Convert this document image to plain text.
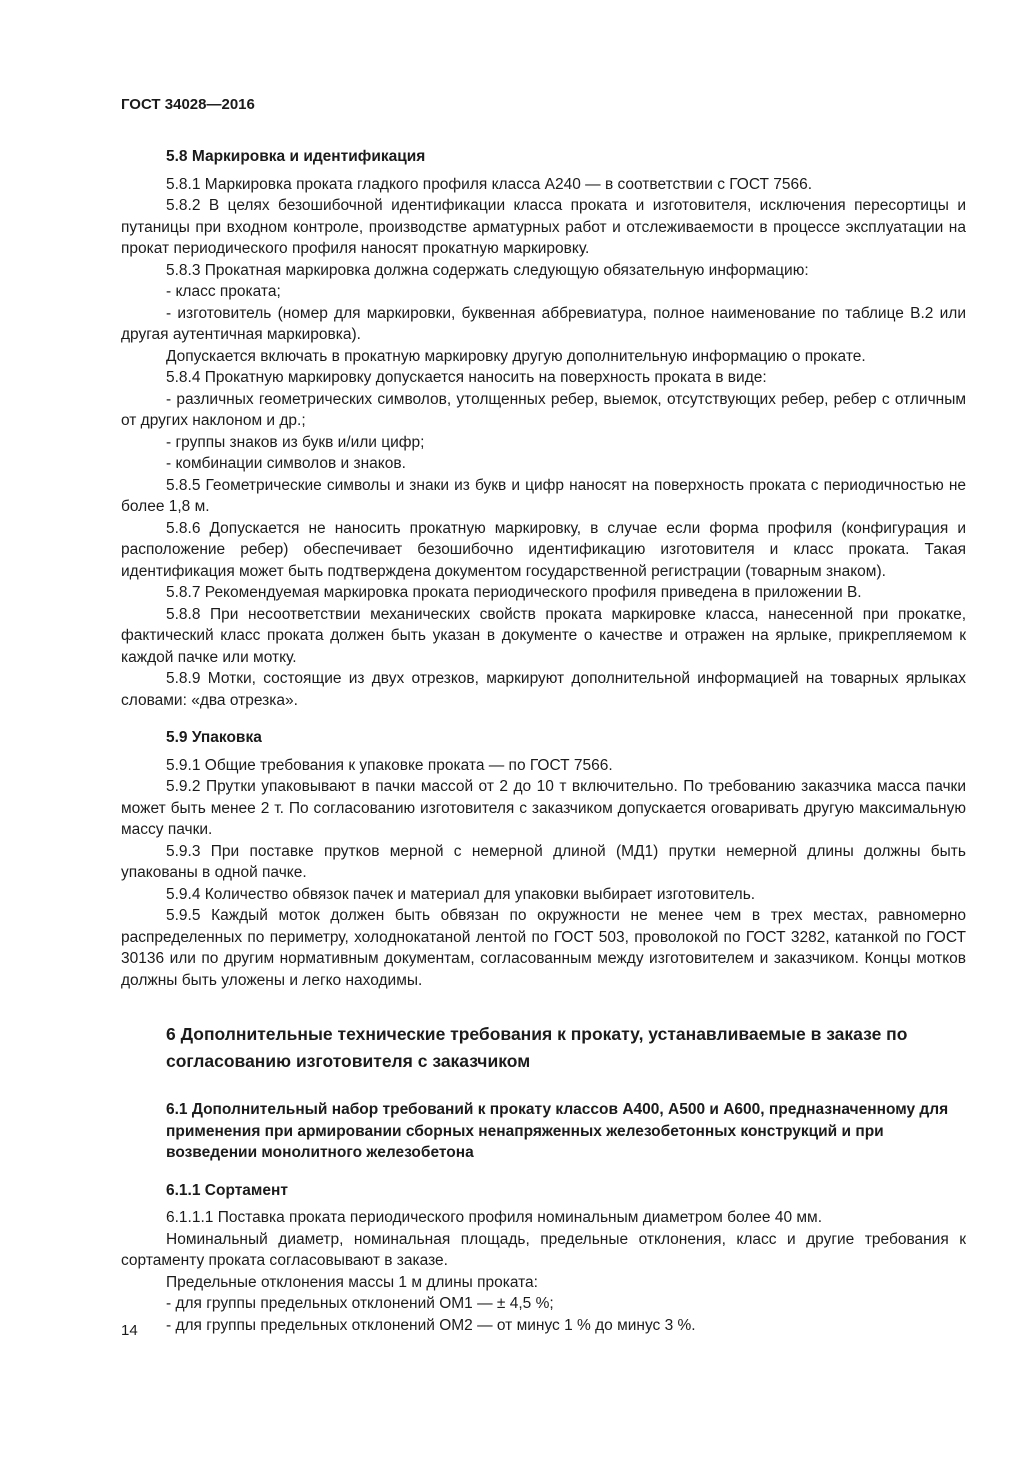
ГОСТ 34028—2016
5.8 Маркировка и идентификация
5.8.1 Маркировка проката гладкого профиля класса А240 — в соответствии с ГОСТ 7566.
5.8.2 В целях безошибочной идентификации класса проката и изготовителя, исключения пересортицы и путаницы при входном контроле, производстве арматурных работ и отслеживаемости в процессе эксплуатации на прокат периодического профиля наносят прокатную маркировку.
5.8.3 Прокатная маркировка должна содержать следующую обязательную информацию:
- класс проката;
- изготовитель (номер для маркировки, буквенная аббревиатура, полное наименование по таблице В.2 или другая аутентичная маркировка).
Допускается включать в прокатную маркировку другую дополнительную информацию о прокате.
5.8.4 Прокатную маркировку допускается наносить на поверхность проката в виде:
- различных геометрических символов, утолщенных ребер, выемок, отсутствующих ребер, ребер с отличным от других наклоном и др.;
- группы знаков из букв и/или цифр;
- комбинации символов и знаков.
5.8.5 Геометрические символы и знаки из букв и цифр наносят на поверхность проката с периодичностью не более 1,8 м.
5.8.6 Допускается не наносить прокатную маркировку, в случае если форма профиля (конфигурация и расположение ребер) обеспечивает безошибочно идентификацию изготовителя и класс проката. Такая идентификация может быть подтверждена документом государственной регистрации (товарным знаком).
5.8.7 Рекомендуемая маркировка проката периодического профиля приведена в приложении В.
5.8.8 При несоответствии механических свойств проката маркировке класса, нанесенной при прокатке, фактический класс проката должен быть указан в документе о качестве и отражен на ярлыке, прикрепляемом к каждой пачке или мотку.
5.8.9 Мотки, состоящие из двух отрезков, маркируют дополнительной информацией на товарных ярлыках словами: «два отрезка».
5.9 Упаковка
5.9.1 Общие требования к упаковке проката — по ГОСТ 7566.
5.9.2 Прутки упаковывают в пачки массой от 2 до 10 т включительно. По требованию заказчика масса пачки может быть менее 2 т. По согласованию изготовителя с заказчиком допускается оговаривать другую максимальную массу пачки.
5.9.3 При поставке прутков мерной с немерной длиной (МД1) прутки немерной длины должны быть упакованы в одной пачке.
5.9.4 Количество обвязок пачек и материал для упаковки выбирает изготовитель.
5.9.5 Каждый моток должен быть обвязан по окружности не менее чем в трех местах, равномерно распределенных по периметру, холоднокатаной лентой по ГОСТ 503, проволокой по ГОСТ 3282, катанкой по ГОСТ 30136 или по другим нормативным документам, согласованным между изготовителем и заказчиком. Концы мотков должны быть уложены и легко находимы.
6 Дополнительные технические требования к прокату, устанавливаемые в заказе по согласованию изготовителя с заказчиком
6.1 Дополнительный набор требований к прокату классов А400, А500 и А600, предназначенному для применения при армировании сборных ненапряженных железобетонных конструкций и при возведении монолитного железобетона
6.1.1 Сортамент
6.1.1.1 Поставка проката периодического профиля номинальным диаметром более 40 мм.
Номинальный диаметр, номинальная площадь, предельные отклонения, класс и другие требования к сортаменту проката согласовывают в заказе.
Предельные отклонения массы 1 м длины проката:
- для группы предельных отклонений ОМ1 — ± 4,5 %;
- для группы предельных отклонений ОМ2 — от минус 1 % до минус 3 %.
14
